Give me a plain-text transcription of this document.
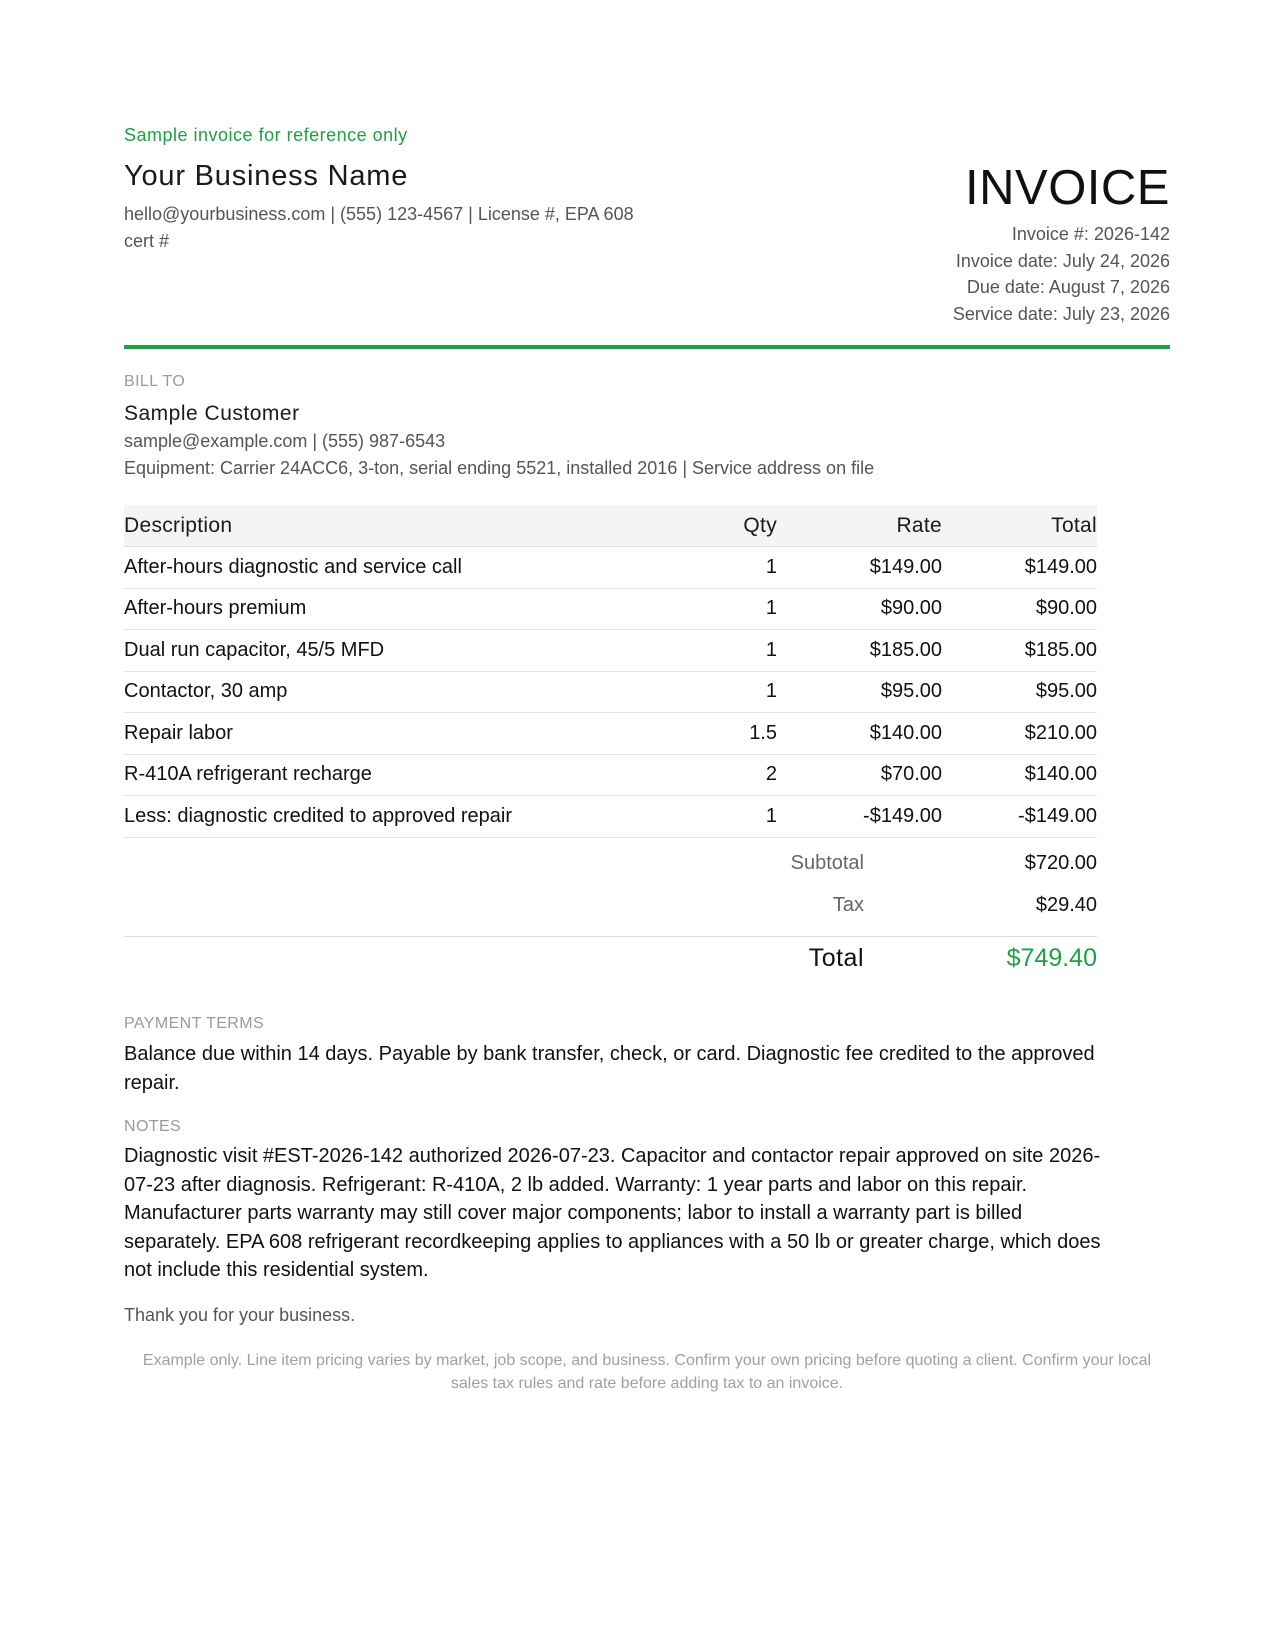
Sample invoice for reference only
Your Business Name
hello@yourbusiness.com | (555) 123-4567 | License #, EPA 608 cert #
INVOICE
Invoice #: 2026-142
Invoice date: July 24, 2026
Due date: August 7, 2026
Service date: July 23, 2026
BILL TO
Sample Customer
sample@example.com | (555) 987-6543
Equipment: Carrier 24ACC6, 3-ton, serial ending 5521, installed 2016 | Service address on file
Description	Qty	Rate	Total
After-hours diagnostic and service call	1	$149.00	$149.00
After-hours premium	1	$90.00	$90.00
Dual run capacitor, 45/5 MFD	1	$185.00	$185.00
Contactor, 30 amp	1	$95.00	$95.00
Repair labor	1.5	$140.00	$210.00
R-410A refrigerant recharge	2	$70.00	$140.00
Less: diagnostic credited to approved repair	1	-$149.00	-$149.00
Subtotal	$720.00
Tax	$29.40
Total	$749.40
PAYMENT TERMS
Balance due within 14 days. Payable by bank transfer, check, or card. Diagnostic fee credited to the approved repair.
NOTES
Diagnostic visit #EST-2026-142 authorized 2026-07-23. Capacitor and contactor repair approved on site 2026-07-23 after diagnosis. Refrigerant: R-410A, 2 lb added. Warranty: 1 year parts and labor on this repair. Manufacturer parts warranty may still cover major components; labor to install a warranty part is billed separately. EPA 608 refrigerant recordkeeping applies to appliances with a 50 lb or greater charge, which does not include this residential system.
Thank you for your business.
Example only. Line item pricing varies by market, job scope, and business. Confirm your own pricing before quoting a client. Confirm your local sales tax rules and rate before adding tax to an invoice.
